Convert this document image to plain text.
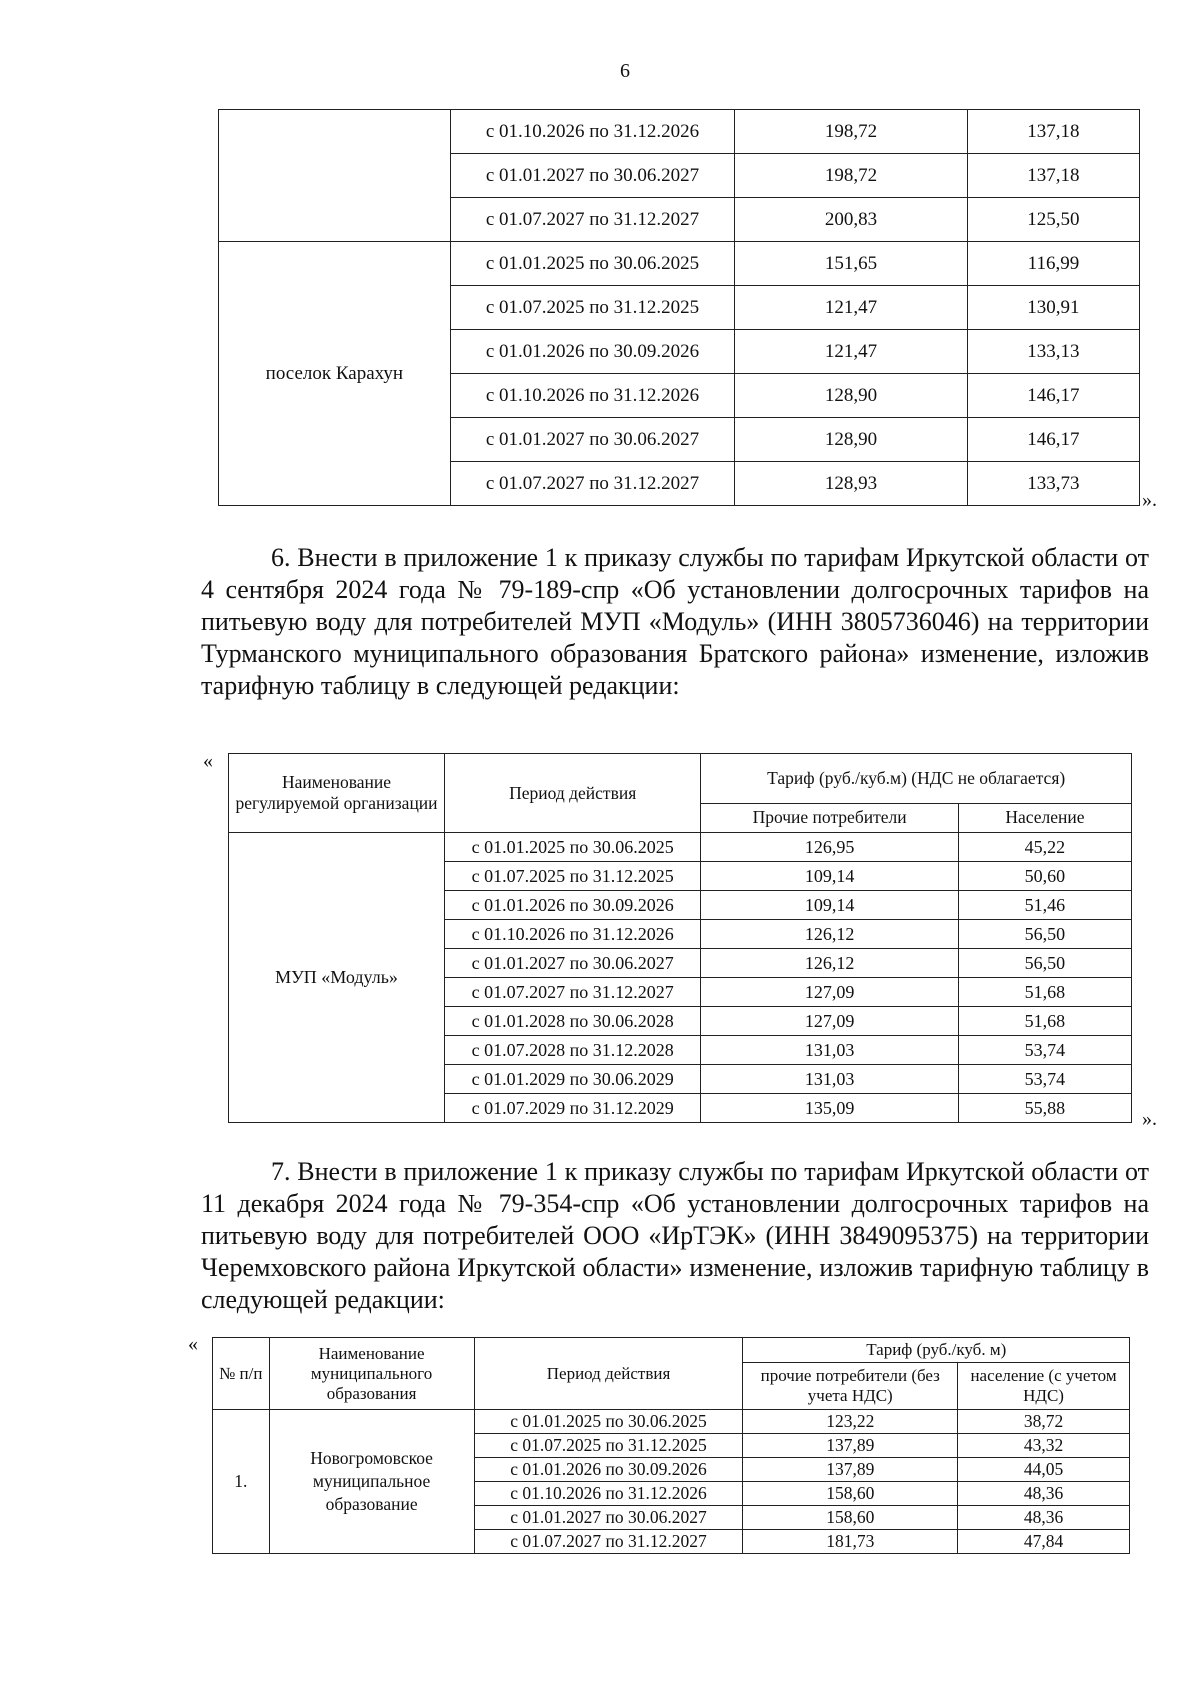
6
	с 01.10.2026 по 31.12.2026	198,72	137,18
	с 01.01.2027 по 30.06.2027	198,72	137,18
	с 01.07.2027 по 31.12.2027	200,83	125,50
поселок Карахун	с 01.01.2025 по 30.06.2025	151,65	116,99
	с 01.07.2025 по 31.12.2025	121,47	130,91
	с 01.01.2026 по 30.09.2026	121,47	133,13
	с 01.10.2026 по 31.12.2026	128,90	146,17
	с 01.01.2027 по 30.06.2027	128,90	146,17
	с 01.07.2027 по 31.12.2027	128,93	133,73
».

6. Внести в приложение 1 к приказу службы по тарифам Иркутской области от 4 сентября 2024 года № 79-189-спр «Об установлении долгосрочных тарифов на питьевую воду для потребителей МУП «Модуль» (ИНН 3805736046) на территории Турманского муниципального образования Братского района» изменение, изложив тарифную таблицу в следующей редакции:

«
Наименование регулируемой организации	Период действия	Тариф (руб./куб.м) (НДС не облагается)	
		Прочие потребители	Население
МУП «Модуль»	с 01.01.2025 по 30.06.2025	126,95	45,22
	с 01.07.2025 по 31.12.2025	109,14	50,60
	с 01.01.2026 по 30.09.2026	109,14	51,46
	с 01.10.2026 по 31.12.2026	126,12	56,50
	с 01.01.2027 по 30.06.2027	126,12	56,50
	с 01.07.2027 по 31.12.2027	127,09	51,68
	с 01.01.2028 по 30.06.2028	127,09	51,68
	с 01.07.2028 по 31.12.2028	131,03	53,74
	с 01.01.2029 по 30.06.2029	131,03	53,74
	с 01.07.2029 по 31.12.2029	135,09	55,88
».

7. Внести в приложение 1 к приказу службы по тарифам Иркутской области от 11 декабря 2024 года № 79-354-спр «Об установлении долгосрочных тарифов на питьевую воду для потребителей ООО «ИрТЭК» (ИНН 3849095375) на территории Черемховского района Иркутской области» изменение, изложив тарифную таблицу в следующей редакции:

«
№ п/п	Наименование муниципального образования	Период действия	Тариф (руб./куб. м)	
			прочие потребители (без учета НДС)	население (с учетом НДС)
1.	Новогромовское муниципальное образование	с 01.01.2025 по 30.06.2025	123,22	38,72
		с 01.07.2025 по 31.12.2025	137,89	43,32
		с 01.01.2026 по 30.09.2026	137,89	44,05
		с 01.10.2026 по 31.12.2026	158,60	48,36
		с 01.01.2027 по 30.06.2027	158,60	48,36
		с 01.07.2027 по 31.12.2027	181,73	47,84
